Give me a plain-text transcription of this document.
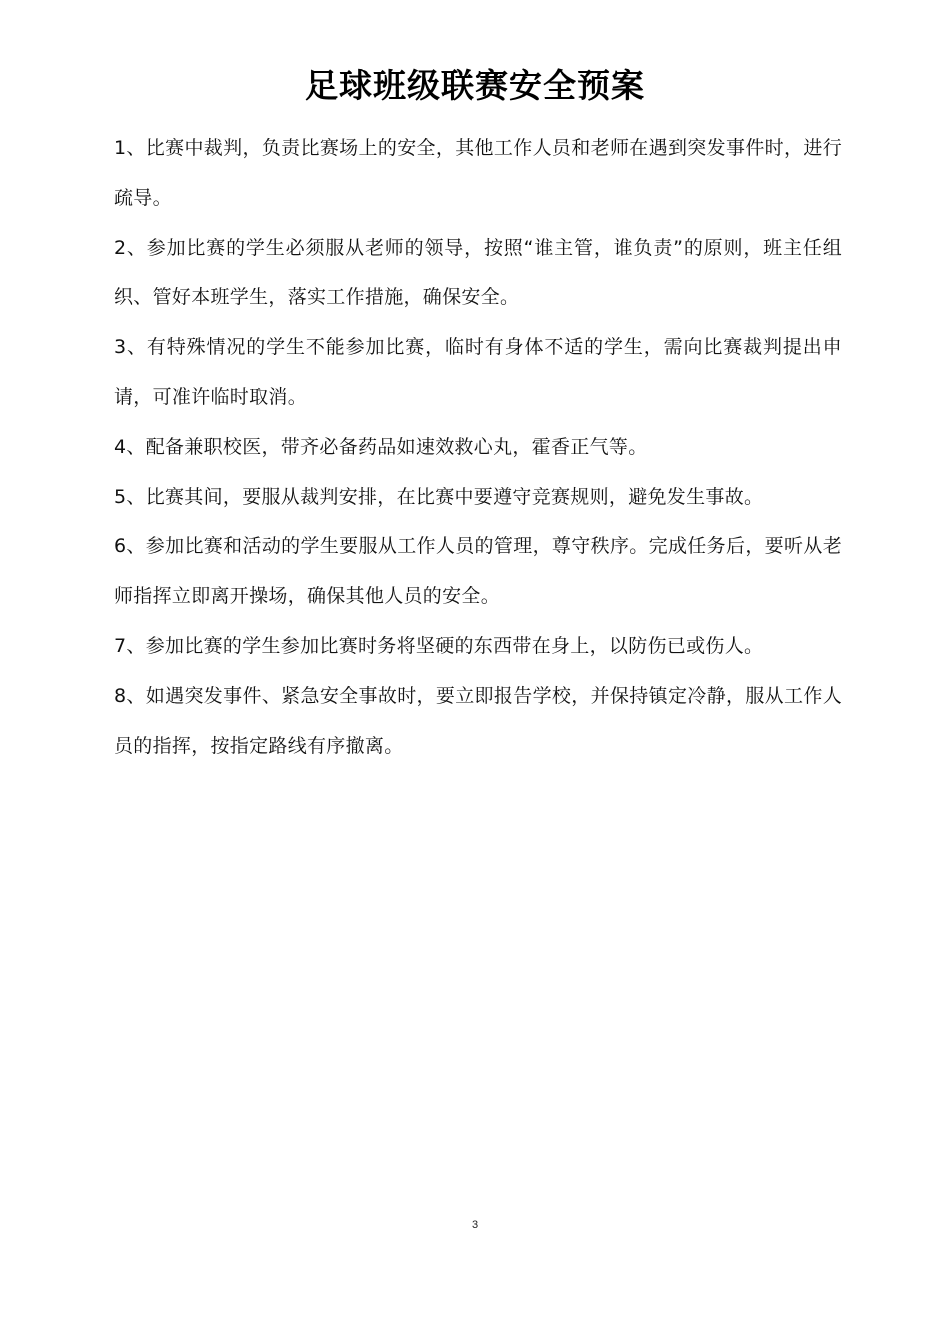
足球班级联赛安全预案

1、比赛中裁判，负责比赛场上的安全，其他工作人员和老师在遇到突发事件时，进行疏导。

2、参加比赛的学生必须服从老师的领导，按照“谁主管，谁负责”的原则，班主任组织、管好本班学生，落实工作措施，确保安全。

3、有特殊情况的学生不能参加比赛，临时有身体不适的学生，需向比赛裁判提出申请，可准许临时取消。

4、配备兼职校医，带齐必备药品如速效救心丸，霍香正气等。

5、比赛其间，要服从裁判安排，在比赛中要遵守竞赛规则，避免发生事故。

6、参加比赛和活动的学生要服从工作人员的管理，尊守秩序。完成任务后，要听从老师指挥立即离开操场，确保其他人员的安全。

7、参加比赛的学生参加比赛时务将坚硬的东西带在身上，以防伤已或伤人。

8、如遇突发事件、紧急安全事故时，要立即报告学校，并保持镇定冷静，服从工作人员的指挥，按指定路线有序撤离。

3
